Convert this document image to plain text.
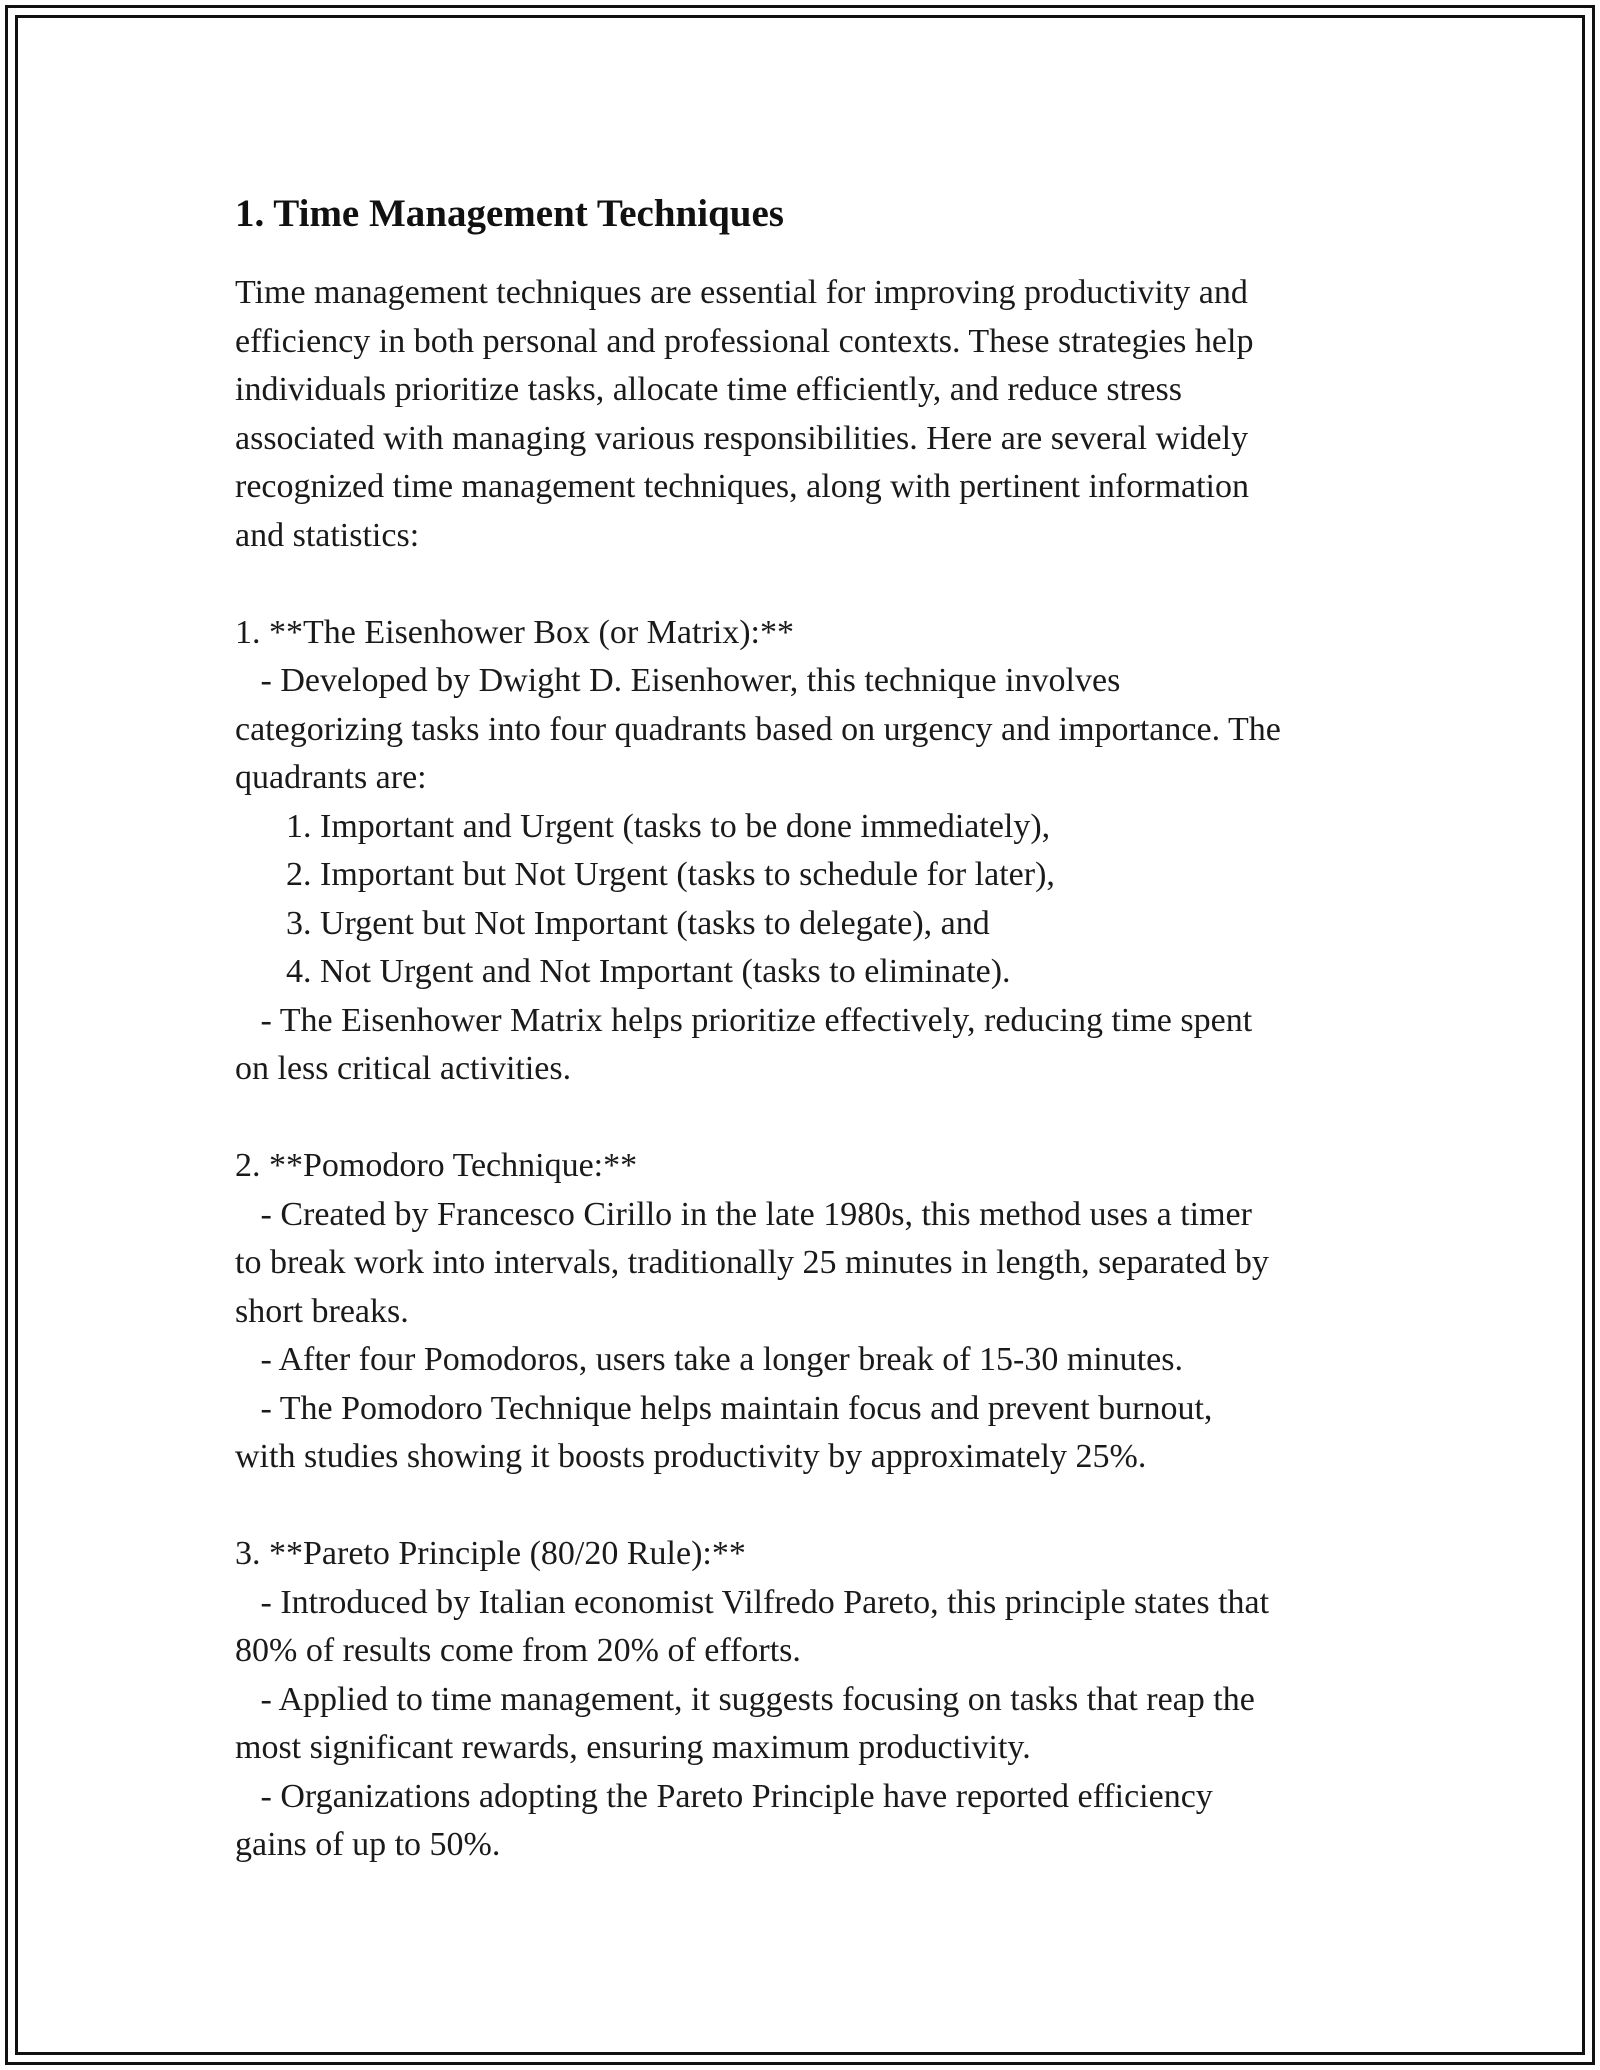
1. Time Management Techniques

Time management techniques are essential for improving productivity and
efficiency in both personal and professional contexts. These strategies help
individuals prioritize tasks, allocate time efficiently, and reduce stress
associated with managing various responsibilities. Here are several widely
recognized time management techniques, along with pertinent information
and statistics:

1. **The Eisenhower Box (or Matrix):**
- Developed by Dwight D. Eisenhower, this technique involves
categorizing tasks into four quadrants based on urgency and importance. The
quadrants are:
1. Important and Urgent (tasks to be done immediately),
2. Important but Not Urgent (tasks to schedule for later),
3. Urgent but Not Important (tasks to delegate), and
4. Not Urgent and Not Important (tasks to eliminate).
- The Eisenhower Matrix helps prioritize effectively, reducing time spent
on less critical activities.

2. **Pomodoro Technique:**
- Created by Francesco Cirillo in the late 1980s, this method uses a timer
to break work into intervals, traditionally 25 minutes in length, separated by
short breaks.
- After four Pomodoros, users take a longer break of 15-30 minutes.
- The Pomodoro Technique helps maintain focus and prevent burnout,
with studies showing it boosts productivity by approximately 25%.

3. **Pareto Principle (80/20 Rule):**
- Introduced by Italian economist Vilfredo Pareto, this principle states that
80% of results come from 20% of efforts.
- Applied to time management, it suggests focusing on tasks that reap the
most significant rewards, ensuring maximum productivity.
- Organizations adopting the Pareto Principle have reported efficiency
gains of up to 50%.
